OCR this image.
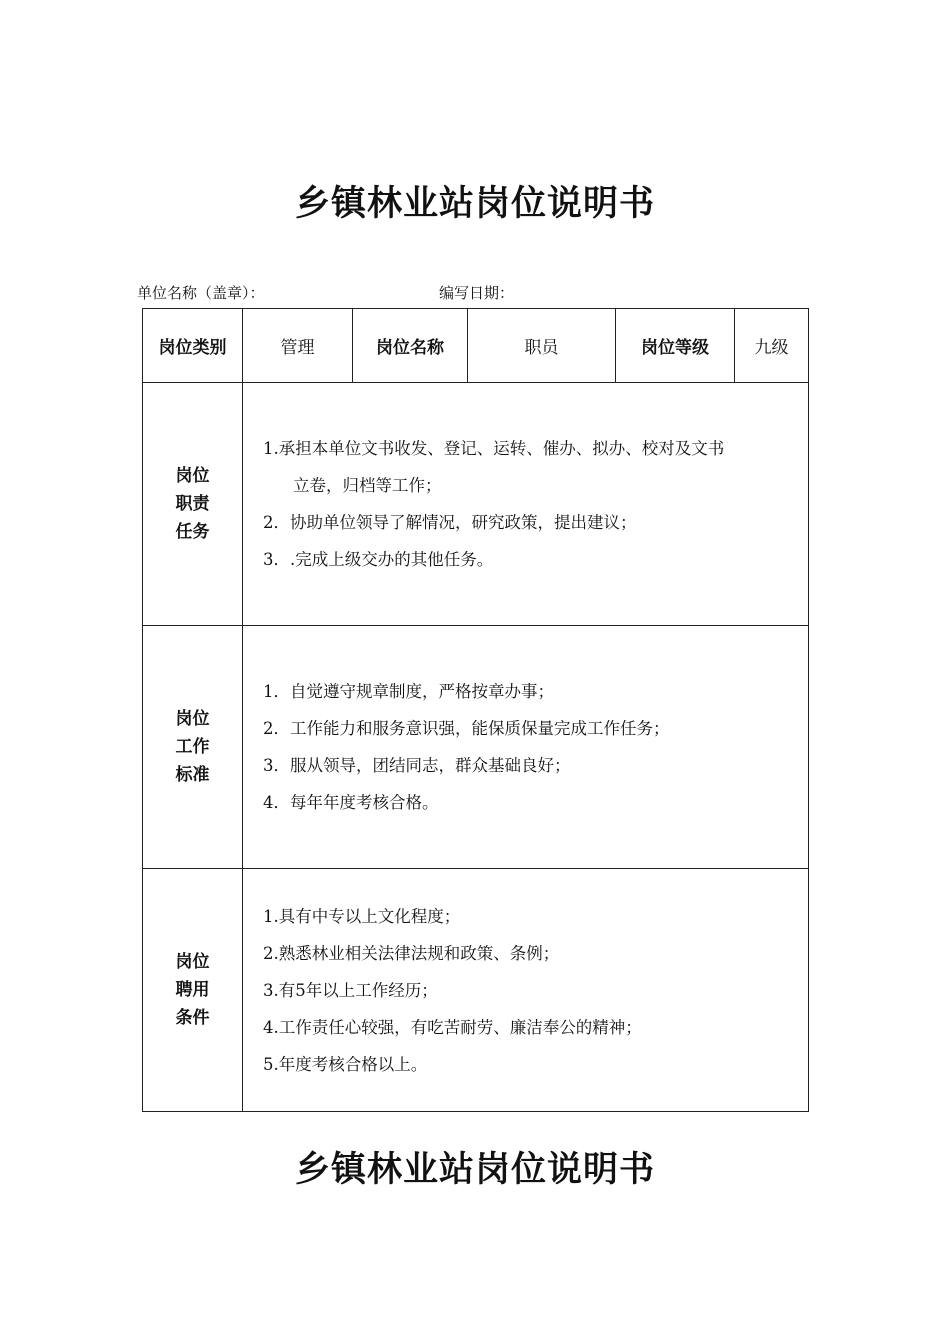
乡镇林业站岗位说明书
单位名称（盖章）：	编写日期：
岗位类别	管理	岗位名称	职员	岗位等级	九级

岗位
职责
任务	1.承担本单位文书收发、登记、运转、催办、拟办、校对及文书
立卷，归档等工作；
2．协助单位领导了解情况，研究政策，提出建议；
3．.完成上级交办的其他任务。				

岗位
工作
标准	1．自觉遵守规章制度，严格按章办事；
2．工作能力和服务意识强，能保质保量完成工作任务；
3．服从领导，团结同志，群众基础良好；
4．每年年度考核合格。				

岗位
聘用
条件	1.具有中专以上文化程度；
2.熟悉林业相关法律法规和政策、条例；
3.有5年以上工作经历；
4.工作责任心较强，有吃苦耐劳、廉洁奉公的精神；
5.年度考核合格以上。				
乡镇林业站岗位说明书
